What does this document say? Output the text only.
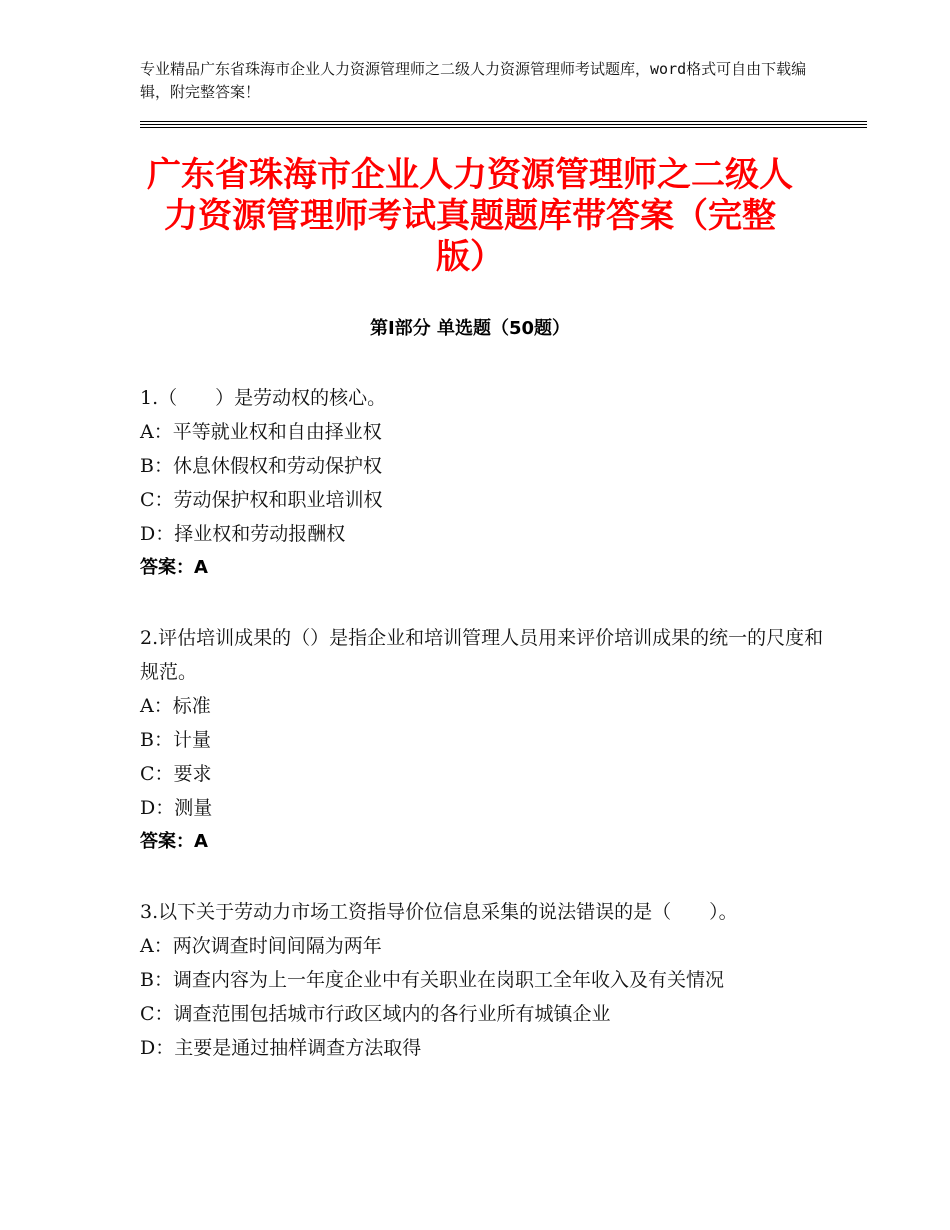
专业精品广东省珠海市企业人力资源管理师之二级人力资源管理师考试题库，word格式可自由下载编辑，附完整答案！
广东省珠海市企业人力资源管理师之二级人力资源管理师考试真题题库带答案（完整版）
第Ⅰ部分 单选题（50题）
1.（　　）是劳动权的核心。
A：平等就业权和自由择业权
B：休息休假权和劳动保护权
C：劳动保护权和职业培训权
D：择业权和劳动报酬权
答案：A
2.评估培训成果的（）是指企业和培训管理人员用来评价培训成果的统一的尺度和规范。
A：标准
B：计量
C：要求
D：测量
答案：A
3.以下关于劳动力市场工资指导价位信息采集的说法错误的是（　　）。
A：两次调查时间间隔为两年
B：调查内容为上一年度企业中有关职业在岗职工全年收入及有关情况
C：调查范围包括城市行政区域内的各行业所有城镇企业
D：主要是通过抽样调查方法取得
